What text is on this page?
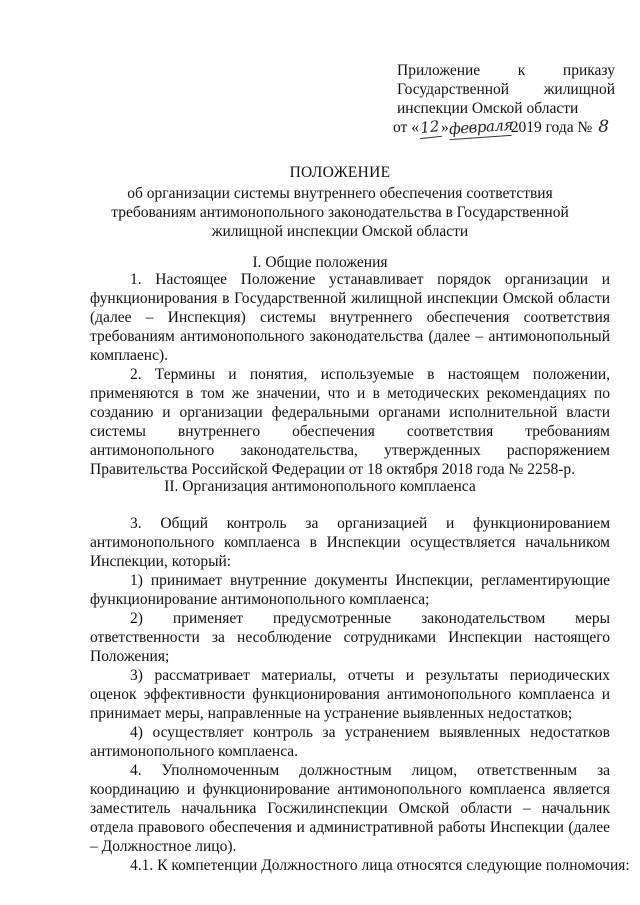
Приложение к приказу
Государственной жилищной
инспекции Омской области
от « 12 » февраля
2019 года № 8
ПОЛОЖЕНИЕ
об организации системы внутреннего обеспечения соответствия
требованиям антимонопольного законодательства в Государственной
жилищной инспекции Омской области
I. Общие положения
1. Настоящее Положение устанавливает порядок организации и
функционирования в Государственной жилищной инспекции Омской области
(далее – Инспекция) системы внутреннего обеспечения соответствия
требованиям антимонопольного законодательства (далее – антимонопольный
комплаенс).
2. Термины и понятия, используемые в настоящем положении,
применяются в том же значении, что и в методических рекомендациях по
созданию и организации федеральными органами исполнительной власти
системы внутреннего обеспечения соответствия требованиям
антимонопольного законодательства, утвержденных распоряжением
Правительства Российской Федерации от 18 октября 2018 года № 2258-р.
II. Организация антимонопольного комплаенса
3. Общий контроль за организацией и функционированием
антимонопольного комплаенса в Инспекции осуществляется начальником
Инспекции, который:
1) принимает внутренние документы Инспекции, регламентирующие
функционирование антимонопольного комплаенса;
2) применяет предусмотренные законодательством меры
ответственности за несоблюдение сотрудниками Инспекции настоящего
Положения;
3) рассматривает материалы, отчеты и результаты периодических
оценок эффективности функционирования антимонопольного комплаенса и
принимает меры, направленные на устранение выявленных недостатков;
4) осуществляет контроль за устранением выявленных недостатков
антимонопольного комплаенса.
4. Уполномоченным должностным лицом, ответственным за
координацию и функционирование антимонопольного комплаенса является
заместитель начальника Госжилинспекции Омской области – начальник
отдела правового обеспечения и административной работы Инспекции (далее
– Должностное лицо).
4.1. К компетенции Должностного лица относятся следующие полномочия:
